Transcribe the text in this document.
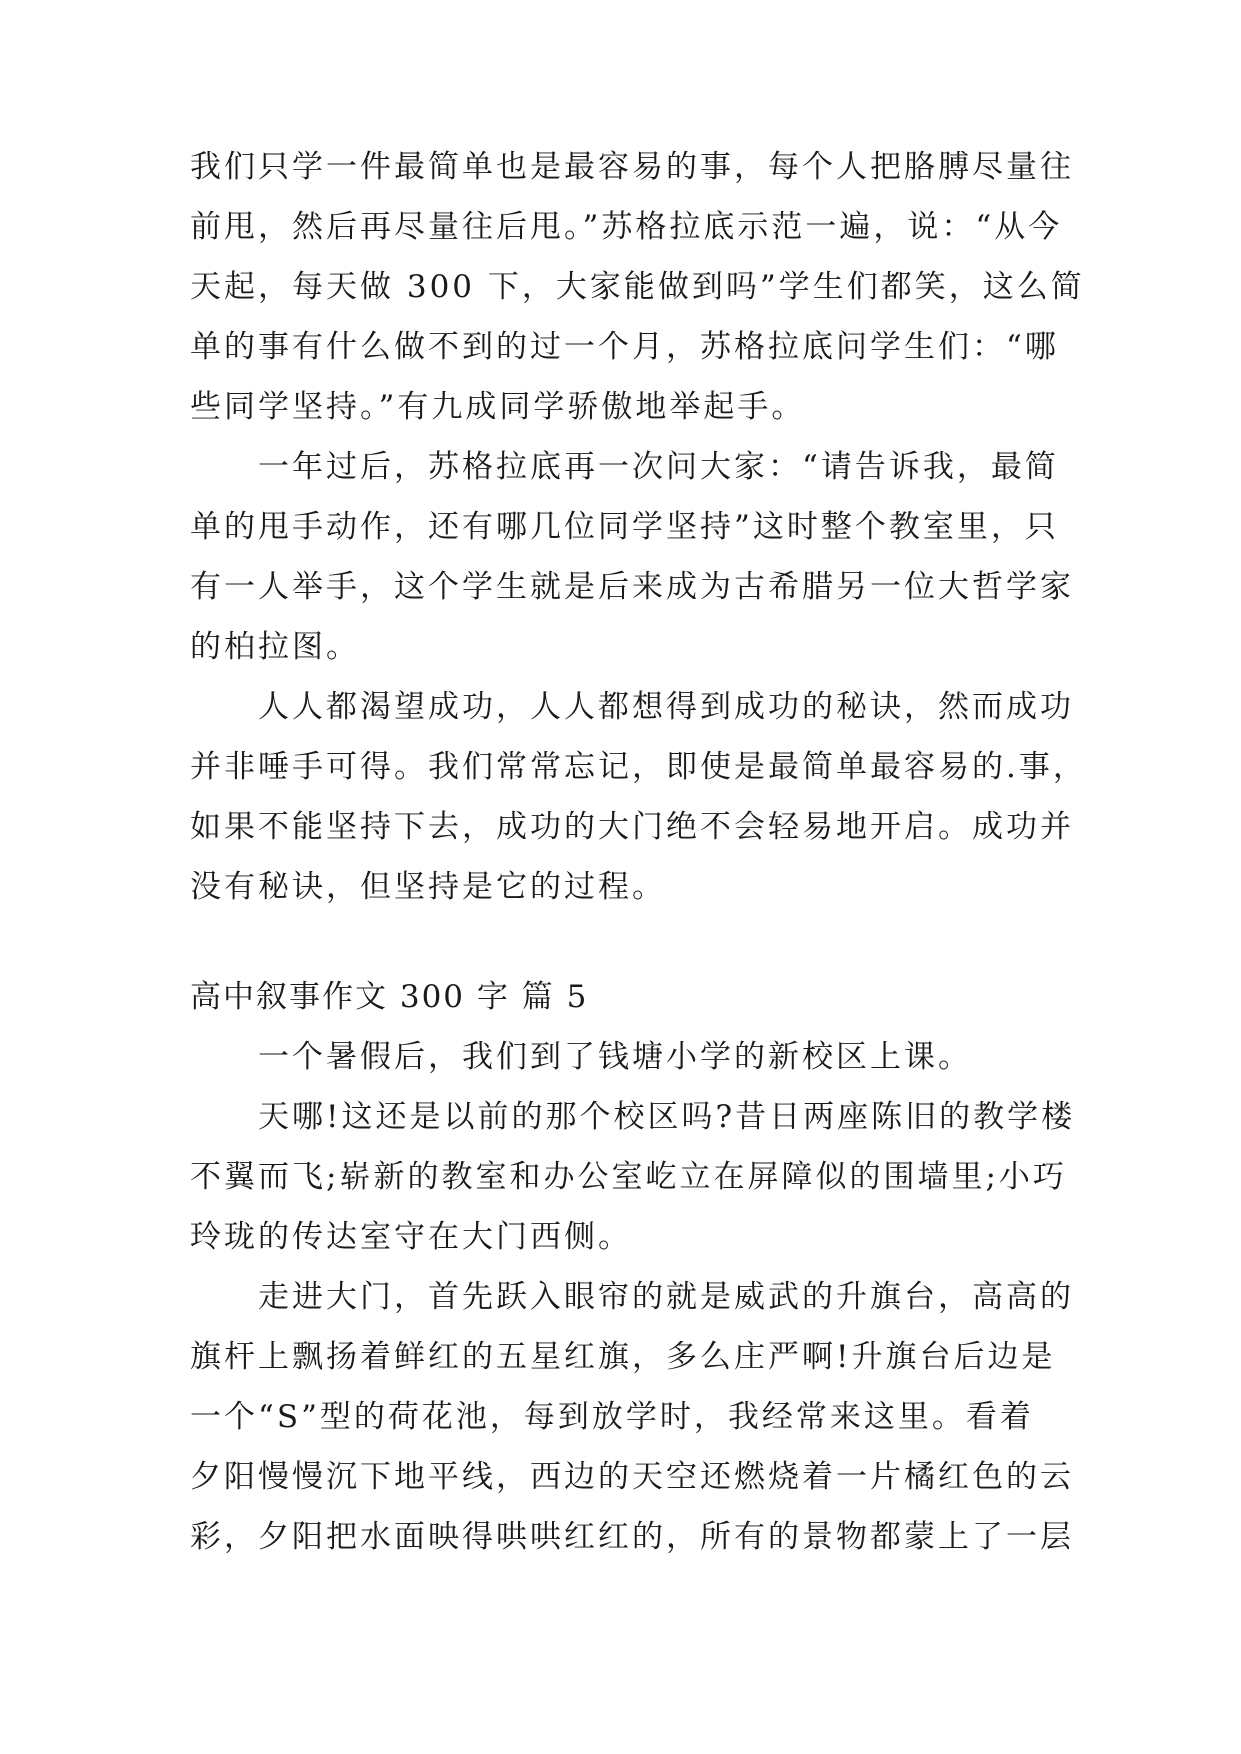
我们只学一件最简单也是最容易的事，每个人把胳膊尽量往
前甩，然后再尽量往后甩。”苏格拉底示范一遍，说：“从今
天起，每天做 300 下，大家能做到吗”学生们都笑，这么简
单的事有什么做不到的过一个月，苏格拉底问学生们：“哪
些同学坚持。”有九成同学骄傲地举起手。
一年过后，苏格拉底再一次问大家：“请告诉我，最简
单的甩手动作，还有哪几位同学坚持”这时整个教室里，只
有一人举手，这个学生就是后来成为古希腊另一位大哲学家
的柏拉图。
人人都渴望成功，人人都想得到成功的秘诀，然而成功
并非唾手可得。我们常常忘记，即使是最简单最容易的.事，
如果不能坚持下去，成功的大门绝不会轻易地开启。成功并
没有秘诀，但坚持是它的过程。
高中叙事作文 300 字 篇 5
一个暑假后，我们到了钱塘小学的新校区上课。
天哪!这还是以前的那个校区吗?昔日两座陈旧的教学楼
不翼而飞;崭新的教室和办公室屹立在屏障似的围墙里;小巧
玲珑的传达室守在大门西侧。
走进大门，首先跃入眼帘的就是威武的升旗台，高高的
旗杆上飘扬着鲜红的五星红旗，多么庄严啊!升旗台后边是
一个“S”型的荷花池，每到放学时，我经常来这里。看着
夕阳慢慢沉下地平线，西边的天空还燃烧着一片橘红色的云
彩，夕阳把水面映得哄哄红红的，所有的景物都蒙上了一层
